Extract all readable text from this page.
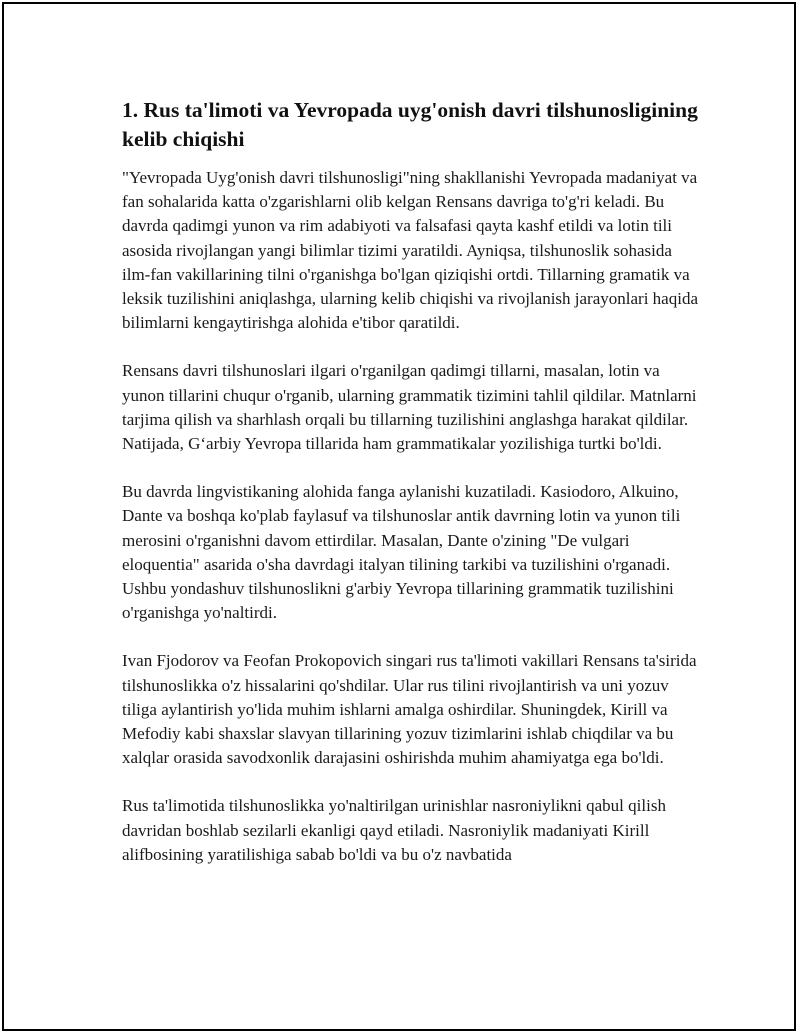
1. Rus ta'limoti va Yevropada uyg'onish davri tilshunosligining kelib chiqishi

"Yevropada Uyg'onish davri tilshunosligi"ning shakllanishi Yevropada madaniyat va fan sohalarida katta o'zgarishlarni olib kelgan Rensans davriga to'g'ri keladi. Bu davrda qadimgi yunon va rim adabiyoti va falsafasi qayta kashf etildi va lotin tili asosida rivojlangan yangi bilimlar tizimi yaratildi. Ayniqsa, tilshunoslik sohasida ilm-fan vakillarining tilni o'rganishga bo'lgan qiziqishi ortdi. Tillarning gramatik va leksik tuzilishini aniqlashga, ularning kelib chiqishi va rivojlanish jarayonlari haqida bilimlarni kengaytirishga alohida e'tibor qaratildi.

Rensans davri tilshunoslari ilgari o'rganilgan qadimgi tillarni, masalan, lotin va yunon tillarini chuqur o'rganib, ularning grammatik tizimini tahlil qildilar. Matnlarni tarjima qilish va sharhlash orqali bu tillarning tuzilishini anglashga harakat qildilar. Natijada, G‘arbiy Yevropa tillarida ham grammatikalar yozilishiga turtki bo'ldi.

Bu davrda lingvistikaning alohida fanga aylanishi kuzatiladi. Kasiodoro, Alkuino, Dante va boshqa ko'plab faylasuf va tilshunoslar antik davrning lotin va yunon tili merosini o'rganishni davom ettirdilar. Masalan, Dante o'zining "De vulgari eloquentia" asarida o'sha davrdagi italyan tilining tarkibi va tuzilishini o'rganadi. Ushbu yondashuv tilshunoslikni g'arbiy Yevropa tillarining grammatik tuzilishini o'rganishga yo'naltirdi.

Ivan Fjodorov va Feofan Prokopovich singari rus ta'limoti vakillari Rensans ta'sirida tilshunoslikka o'z hissalarini qo'shdilar. Ular rus tilini rivojlantirish va uni yozuv tiliga aylantirish yo'lida muhim ishlarni amalga oshirdilar. Shuningdek, Kirill va Mefodiy kabi shaxslar slavyan tillarining yozuv tizimlarini ishlab chiqdilar va bu xalqlar orasida savodxonlik darajasini oshirishda muhim ahamiyatga ega bo'ldi.

Rus ta'limotida tilshunoslikka yo'naltirilgan urinishlar nasroniylikni qabul qilish davridan boshlab sezilarli ekanligi qayd etiladi. Nasroniylik madaniyati Kirill alifbosining yaratilishiga sabab bo'ldi va bu o'z navbatida
